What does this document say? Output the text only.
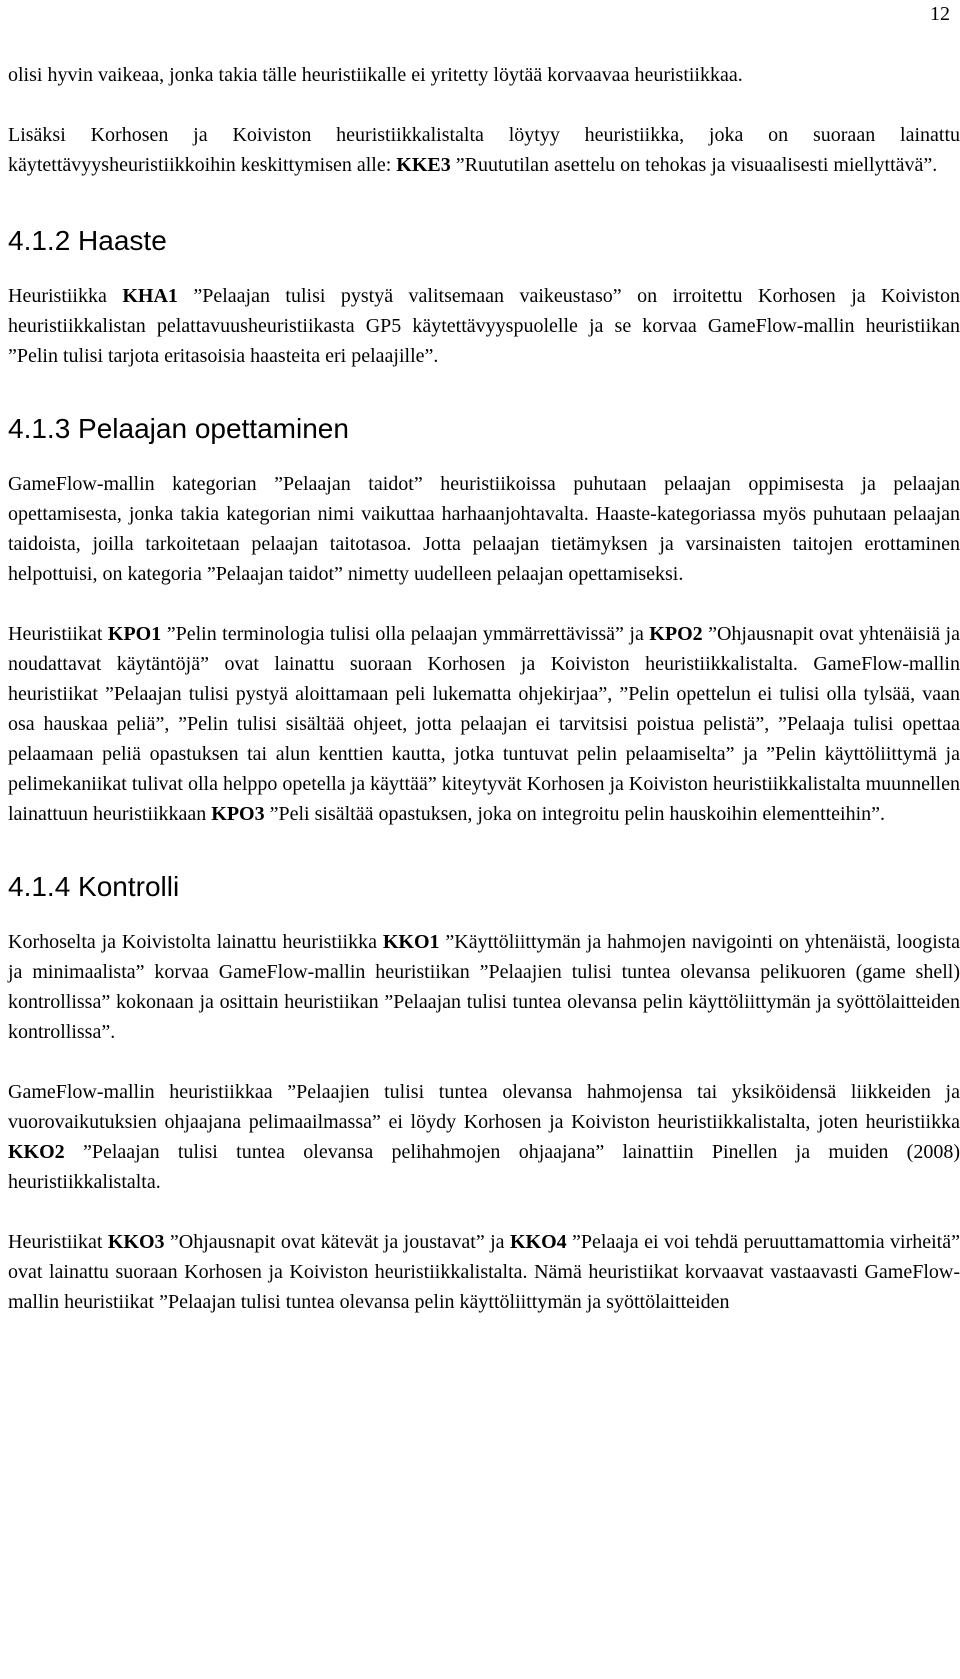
12

olisi hyvin vaikeaa, jonka takia tälle heuristiikalle ei yritetty löytää korvaavaa heuristiikkaa.

Lisäksi Korhosen ja Koiviston heuristiikkalistalta löytyy heuristiikka, joka on suoraan lainattu käytettävyysheuristiikkoihin keskittymisen alle: KKE3 ”Ruututilan asettelu on tehokas ja visuaalisesti miellyttävä”.

4.1.2 Haaste

Heuristiikka KHA1 ”Pelaajan tulisi pystyä valitsemaan vaikeustaso” on irroitettu Korhosen ja Koiviston heuristiikkalistan pelattavuusheuristiikasta GP5 käytettävyyspuolelle ja se korvaa GameFlow-mallin heuristiikan ”Pelin tulisi tarjota eritasoisia haasteita eri pelaajille”.

4.1.3 Pelaajan opettaminen

GameFlow-mallin kategorian ”Pelaajan taidot” heuristiikoissa puhutaan pelaajan oppimisesta ja pelaajan opettamisesta, jonka takia kategorian nimi vaikuttaa harhaanjohtavalta. Haaste-kategoriassa myös puhutaan pelaajan taidoista, joilla tarkoitetaan pelaajan taitotasoa. Jotta pelaajan tietämyksen ja varsinaisten taitojen erottaminen helpottuisi, on kategoria ”Pelaajan taidot” nimetty uudelleen pelaajan opettamiseksi.

Heuristiikat KPO1 ”Pelin terminologia tulisi olla pelaajan ymmärrettävissä” ja KPO2 ”Ohjausnapit ovat yhtenäisiä ja noudattavat käytäntöjä” ovat lainattu suoraan Korhosen ja Koiviston heuristiikkalistalta. GameFlow-mallin heuristiikat ”Pelaajan tulisi pystyä aloittamaan peli lukematta ohjekirjaa”, ”Pelin opettelun ei tulisi olla tylsää, vaan osa hauskaa peliä”, ”Pelin tulisi sisältää ohjeet, jotta pelaajan ei tarvitsisi poistua pelistä”, ”Pelaaja tulisi opettaa pelaamaan peliä opastuksen tai alun kenttien kautta, jotka tuntuvat pelin pelaamiselta” ja ”Pelin käyttöliittymä ja pelimekaniikat tulivat olla helppo opetella ja käyttää” kiteytyvät Korhosen ja Koiviston heuristiikkalistalta muunnellen lainattuun heuristiikkaan KPO3 ”Peli sisältää opastuksen, joka on integroitu pelin hauskoihin elementteihin”.

4.1.4 Kontrolli

Korhoselta ja Koivistolta lainattu heuristiikka KKO1 ”Käyttöliittymän ja hahmojen navigointi on yhtenäistä, loogista ja minimaalista” korvaa GameFlow-mallin heuristiikan ”Pelaajien tulisi tuntea olevansa pelikuoren (game shell) kontrollissa” kokonaan ja osittain heuristiikan ”Pelaajan tulisi tuntea olevansa pelin käyttöliittymän ja syöttölaitteiden kontrollissa”.

GameFlow-mallin heuristiikkaa ”Pelaajien tulisi tuntea olevansa hahmojensa tai yksiköidensä liikkeiden ja vuorovaikutuksien ohjaajana pelimaailmassa” ei löydy Korhosen ja Koiviston heuristiikkalistalta, joten heuristiikka KKO2 ”Pelaajan tulisi tuntea olevansa pelihahmojen ohjaajana” lainattiin Pinellen ja muiden (2008) heuristiikkalistalta.

Heuristiikat KKO3 ”Ohjausnapit ovat kätevät ja joustavat” ja KKO4 ”Pelaaja ei voi tehdä peruuttamattomia virheitä” ovat lainattu suoraan Korhosen ja Koiviston heuristiikkalistalta. Nämä heuristiikat korvaavat vastaavasti GameFlow-mallin heuristiikat ”Pelaajan tulisi tuntea olevansa pelin käyttöliittymän ja syöttölaitteiden
